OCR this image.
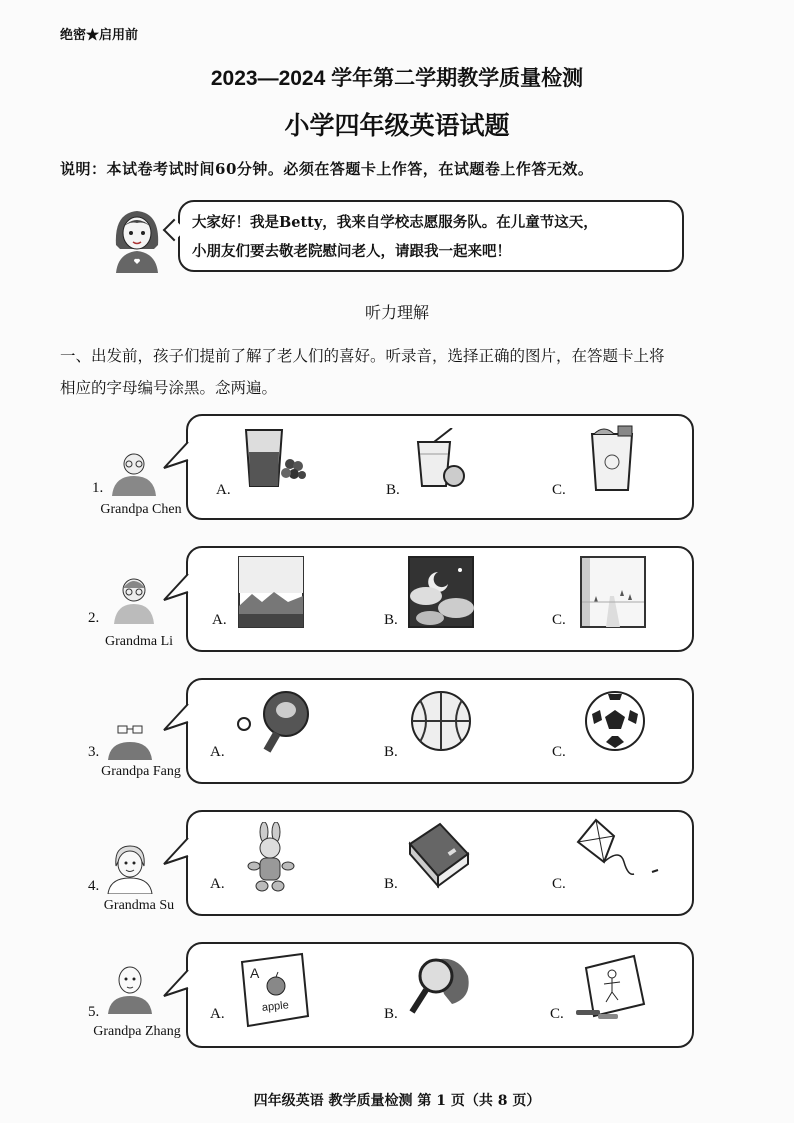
绝密★启用前
2023—2024 学年第二学期教学质量检测
小学四年级英语试题
说明：本试卷考试时间60分钟。必须在答题卡上作答，在试题卷上作答无效。
大家好！我是Betty，我来自学校志愿服务队。在儿童节这天，
小朋友们要去敬老院慰问老人，请跟我一起来吧！
听力理解
一、出发前，孩子们提前了解了老人们的喜好。听录音，选择正确的图片，在答题卡上将
相应的字母编号涂黑。念两遍。
1.
Grandpa Chen
A.	B.	C.
2.
Grandma Li
A.	B.	C.
3.
Grandpa Fang
A.	B.	C.
4.
Grandma Su
A.	B.	C.
5.
Grandpa Zhang
A.
A
apple	B.	C.
四年级英语 教学质量检测 第 1 页（共 8 页）
